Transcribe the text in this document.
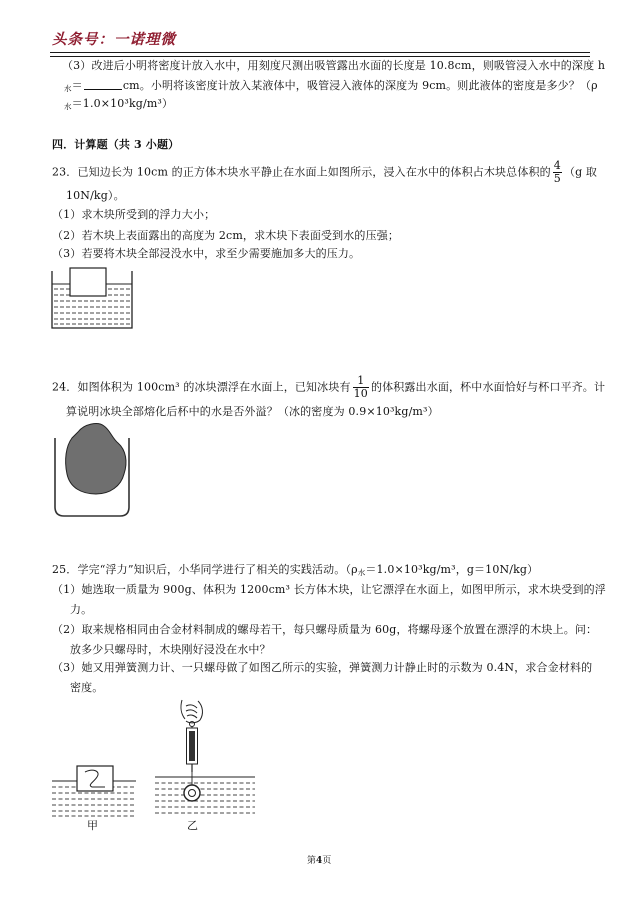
头条号：一诺理微
（3）改进后小明将密度计放入水中，用刻度尺测出吸管露出水面的长度是 10.8cm，则吸管浸入水中的深度 h
$_水$＝	cm。小明将该密度计放入某液体中，吸管浸入液体的深度为 9cm。则此液体的密度是多少？（ρ
$_水$＝1.0×10³kg/m³）
四．计算题（共 3 小题）
23．已知边长为 10cm 的正方体木块水平静止在水面上如图所示，浸入在水中的体积占木块总体积的 $\frac{4}{5} (g$ 取
10N/kg）。
（1）求木块所受到的浮力大小；
（2）若木块上表面露出的高度为 2cm，求木块下表面受到水的压强；
（3）若要将木块全部浸没水中，求至少需要施加多大的压力。
24．如图体积为 100cm³ 的冰块漂浮在水面上，已知冰块有 $\frac{1}{10}$ 的体积露出水面，杯中水面恰好与杯口平齐。计
算说明冰块全部熔化后杯中的水是否外溢？（冰的密度为 0.9×10³kg/m³）
25．学完“浮力”知识后，小华同学进行了相关的实践活动。（$\rho_水=1.0\times 10^3kg/m^3$，g＝10N/kg）
（1）她选取一质量为 900g、体积为 1200cm³ 长方体木块，让它漂浮在水面上，如图甲所示，求木块受到的浮
力。
（2）取来规格相同由合金材料制成的螺母若干，每只螺母质量为 60g，将螺母逐个放置在漂浮的木块上。问：
放多少只螺母时，木块刚好浸没在水中？
（3）她又用弹簧测力计、一只螺母做了如图乙所示的实验，弹簧测力计静止时的示数为 0.4N，求合金材料的
密度。
甲	乙
第4页
